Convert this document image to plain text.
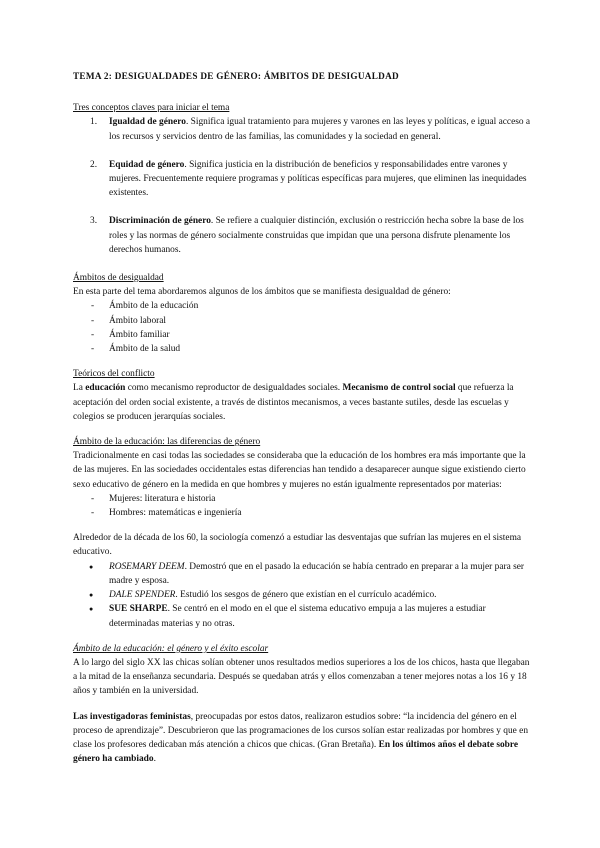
TEMA 2: DESIGUALDADES DE GÉNERO: ÁMBITOS DE DESIGUALDAD

Tres conceptos claves para iniciar el tema

1. Igualdad de género. Significa igual tratamiento para mujeres y varones en las leyes y políticas, e igual acceso a los recursos y servicios dentro de las familias, las comunidades y la sociedad en general.
2. Equidad de género. Significa justicia en la distribución de beneficios y responsabilidades entre varones y mujeres. Frecuentemente requiere programas y políticas específicas para mujeres, que eliminen las inequidades existentes.
3. Discriminación de género. Se refiere a cualquier distinción, exclusión o restricción hecha sobre la base de los roles y las normas de género socialmente construidas que impidan que una persona disfrute plenamente los derechos humanos.

Ámbitos de desigualdad

En esta parte del tema abordaremos algunos de los ámbitos que se manifiesta desigualdad de género:

- Ámbito de la educación
- Ámbito laboral
- Ámbito familiar
- Ámbito de la salud

Teóricos del conflicto

La educación como mecanismo reproductor de desigualdades sociales. Mecanismo de control social que refuerza la aceptación del orden social existente, a través de distintos mecanismos, a veces bastante sutiles, desde las escuelas y colegios se producen jerarquías sociales.

Ámbito de la educación: las diferencias de género

Tradicionalmente en casi todas las sociedades se consideraba que la educación de los hombres era más importante que la de las mujeres. En las sociedades occidentales estas diferencias han tendido a desaparecer aunque sigue existiendo cierto sexo educativo de género en la medida en que hombres y mujeres no están igualmente representados por materias:

- Mujeres: literatura e historia
- Hombres: matemáticas e ingeniería

Alrededor de la década de los 60, la sociología comenzó a estudiar las desventajas que sufrían las mujeres en el sistema educativo.

● ROSEMARY DEEM. Demostró que en el pasado la educación se había centrado en preparar a la mujer para ser madre y esposa.
● DALE SPENDER. Estudió los sesgos de género que existían en el currículo académico.
● SUE SHARPE. Se centró en el modo en el que el sistema educativo empuja a las mujeres a estudiar determinadas materias y no otras.

Ámbito de la educación: el género y el éxito escolar

A lo largo del siglo XX las chicas solían obtener unos resultados medios superiores a los de los chicos, hasta que llegaban a la mitad de la enseñanza secundaria. Después se quedaban atrás y ellos comenzaban a tener mejores notas a los 16 y 18 años y también en la universidad.

Las investigadoras feministas, preocupadas por estos datos, realizaron estudios sobre: “la incidencia del género en el proceso de aprendizaje”. Descubrieron que las programaciones de los cursos solían estar realizadas por hombres y que en clase los profesores dedicaban más atención a chicos que chicas. (Gran Bretaña). En los últimos años el debate sobre género ha cambiado.
